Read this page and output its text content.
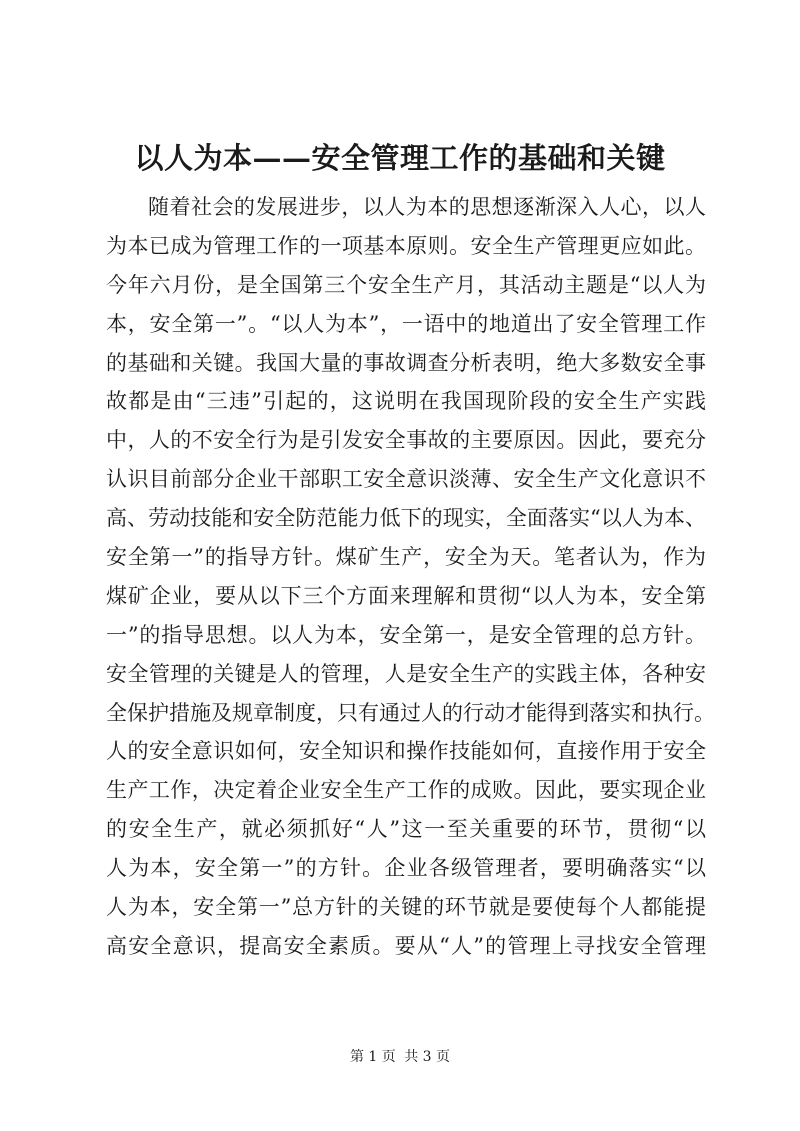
以人为本——安全管理工作的基础和关键
随着社会的发展进步，以人为本的思想逐渐深入人心，以人
为本已成为管理工作的一项基本原则。安全生产管理更应如此。
今年六月份，是全国第三个安全生产月，其活动主题是“以人为
本，安全第一”。“以人为本”，一语中的地道出了安全管理工作
的基础和关键。我国大量的事故调查分析表明，绝大多数安全事
故都是由“三违”引起的，这说明在我国现阶段的安全生产实践
中，人的不安全行为是引发安全事故的主要原因。因此，要充分
认识目前部分企业干部职工安全意识淡薄、安全生产文化意识不
高、劳动技能和安全防范能力低下的现实，全面落实“以人为本、
安全第一”的指导方针。煤矿生产，安全为天。笔者认为，作为
煤矿企业，要从以下三个方面来理解和贯彻“以人为本，安全第
一”的指导思想。以人为本，安全第一，是安全管理的总方针。
安全管理的关键是人的管理，人是安全生产的实践主体，各种安
全保护措施及规章制度，只有通过人的行动才能得到落实和执行。
人的安全意识如何，安全知识和操作技能如何，直接作用于安全
生产工作，决定着企业安全生产工作的成败。因此，要实现企业
的安全生产，就必须抓好“人”这一至关重要的环节，贯彻“以
人为本，安全第一”的方针。企业各级管理者，要明确落实“以
人为本，安全第一”总方针的关键的环节就是要使每个人都能提
高安全意识，提高安全素质。要从“人”的管理上寻找安全管理
第 1 页 共 3 页
